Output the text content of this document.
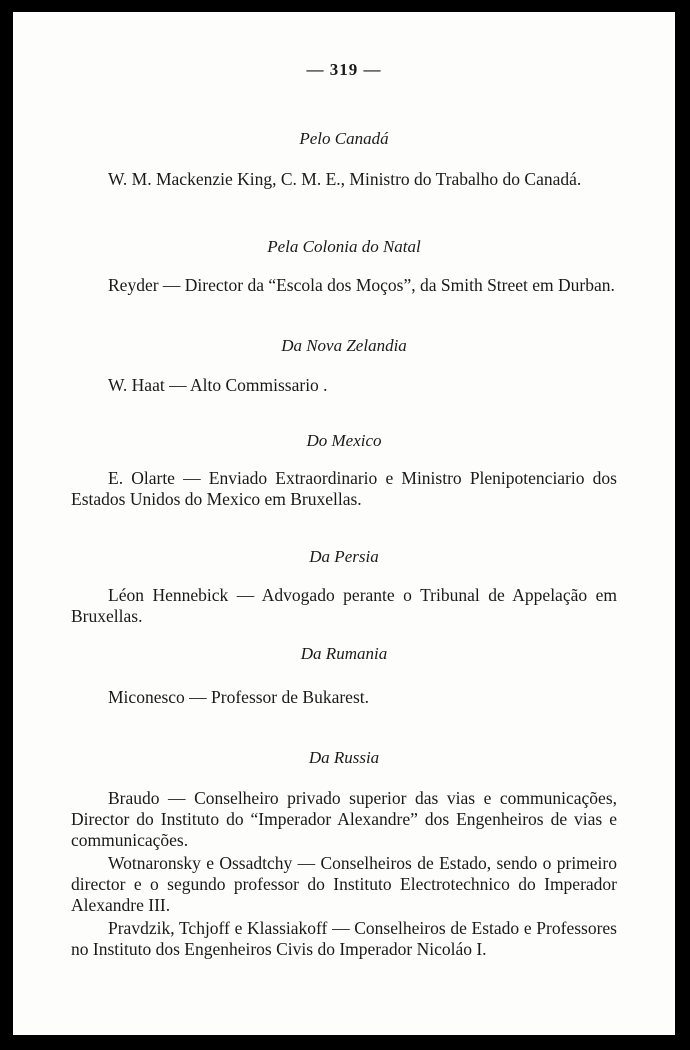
— 319 —
Pelo Canadá
W. M. Mackenzie King, C. M. E., Ministro do Trabalho do Canadá.
Pela Colonia do Natal
Reyder — Director da “Escola dos Moços”, da Smith Street em Durban.
Da Nova Zelandia
W. Haat — Alto Commissario .
Do Mexico
E. Olarte — Enviado Extraordinario e Ministro Plenipotenciario dos Estados Unidos do Mexico em Bruxellas.
Da Persia
Léon Hennebick — Advogado perante o Tribunal de Appelação em Bruxellas.
Da Rumania
Miconesco — Professor de Bukarest.
Da Russia
Braudo — Conselheiro privado superior das vias e communicações, Director do Instituto do “Imperador Alexandre” dos Engenheiros de vias e communicações.
Wotnaronsky e Ossadtchy — Conselheiros de Estado, sendo o primeiro director e o segundo professor do Instituto Electrotechnico do Imperador Alexandre III.
Pravdzik, Tchjoff e Klassiakoff — Conselheiros de Estado e Professores no Instituto dos Engenheiros Civis do Imperador Nicoláo I.
